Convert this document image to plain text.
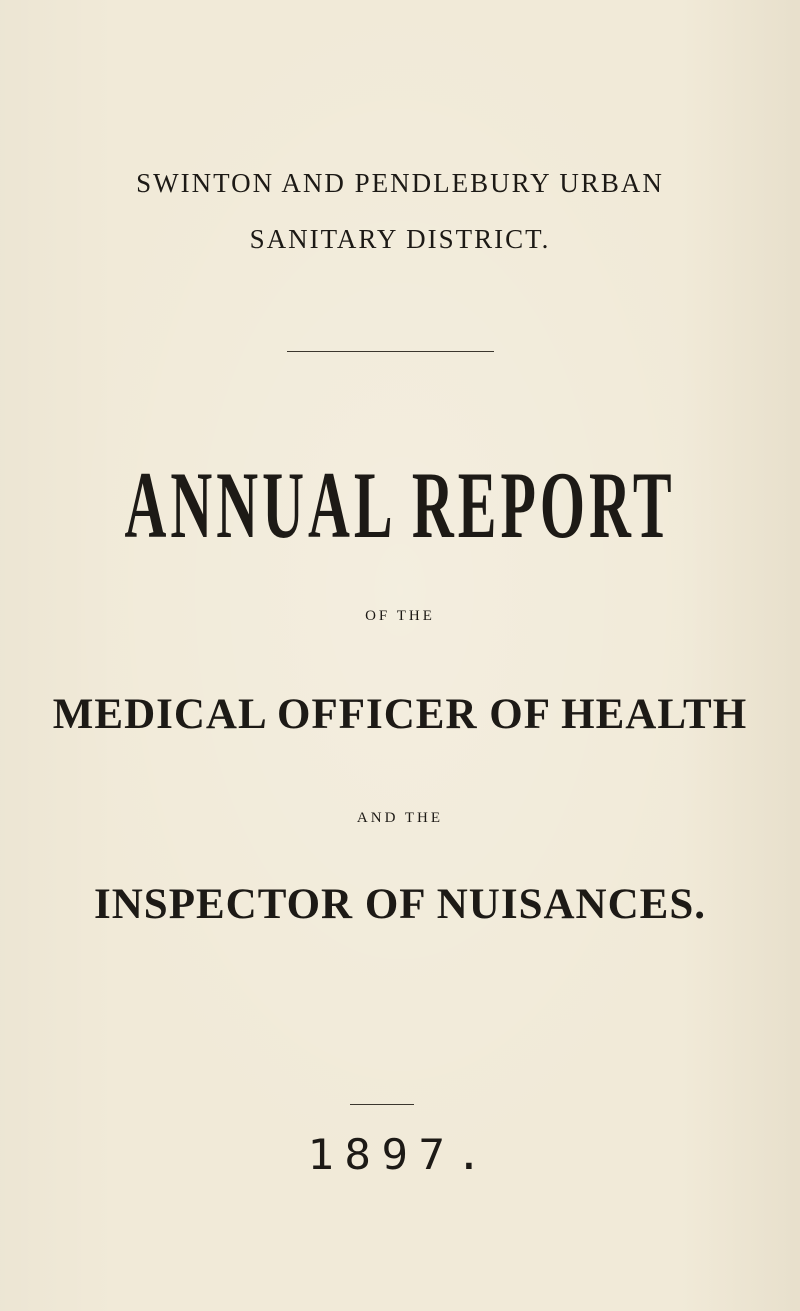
SWINTON AND PENDLEBURY URBAN
SANITARY DISTRICT.
ANNUAL REPORT
OF THE
MEDICAL OFFICER OF HEALTH
AND THE
INSPECTOR OF NUISANCES.
1897.
